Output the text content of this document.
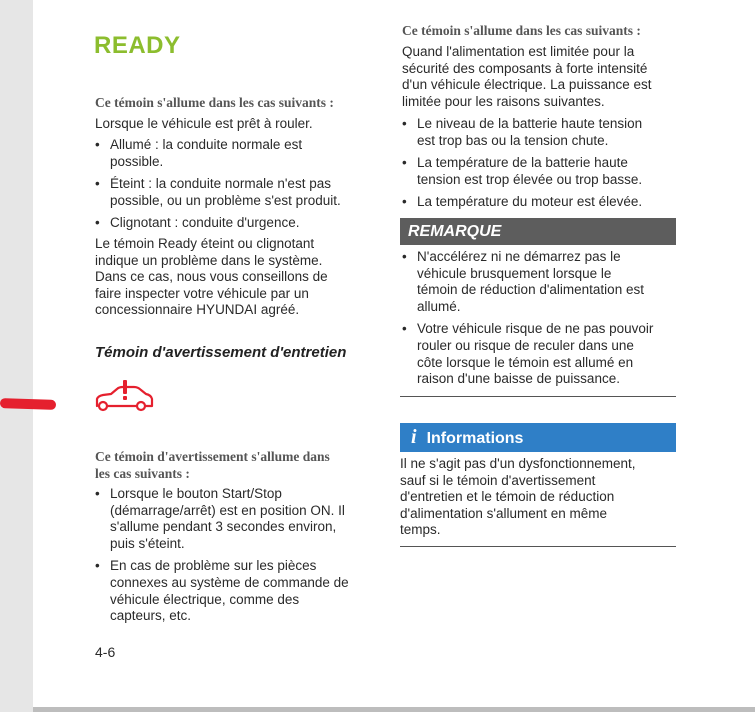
READY
Ce témoin s'allume dans les cas suivants :
Lorsque le véhicule est prêt à rouler.
• Allumé : la conduite normale est
possible.
• Éteint : la conduite normale n'est pas
possible, ou un problème s'est produit.
• Clignotant : conduite d'urgence.
Le témoin Ready éteint ou clignotant
indique un problème dans le système.
Dans ce cas, nous vous conseillons de
faire inspecter votre véhicule par un
concessionnaire HYUNDAI agréé.
Témoin d'avertissement d'entretien
Ce témoin d'avertissement s'allume dans
les cas suivants :
• Lorsque le bouton Start/Stop
(démarrage/arrêt) est en position ON. Il
s'allume pendant 3 secondes environ,
puis s'éteint.
• En cas de problème sur les pièces
connexes au système de commande de
véhicule électrique, comme des
capteurs, etc.
4-6
Ce témoin s'allume dans les cas suivants :
Quand l'alimentation est limitée pour la
sécurité des composants à forte intensité
d'un véhicule électrique. La puissance est
limitée pour les raisons suivantes.
• Le niveau de la batterie haute tension
est trop bas ou la tension chute.
• La température de la batterie haute
tension est trop élevée ou trop basse.
• La température du moteur est élevée.
REMARQUE
• N'accélérez ni ne démarrez pas le
véhicule brusquement lorsque le
témoin de réduction d'alimentation est
allumé.
• Votre véhicule risque de ne pas pouvoir
rouler ou risque de reculer dans une
côte lorsque le témoin est allumé en
raison d'une baisse de puissance.
i Informations
Il ne s'agit pas d'un dysfonctionnement,
sauf si le témoin d'avertissement
d'entretien et le témoin de réduction
d'alimentation s'allument en même
temps.
